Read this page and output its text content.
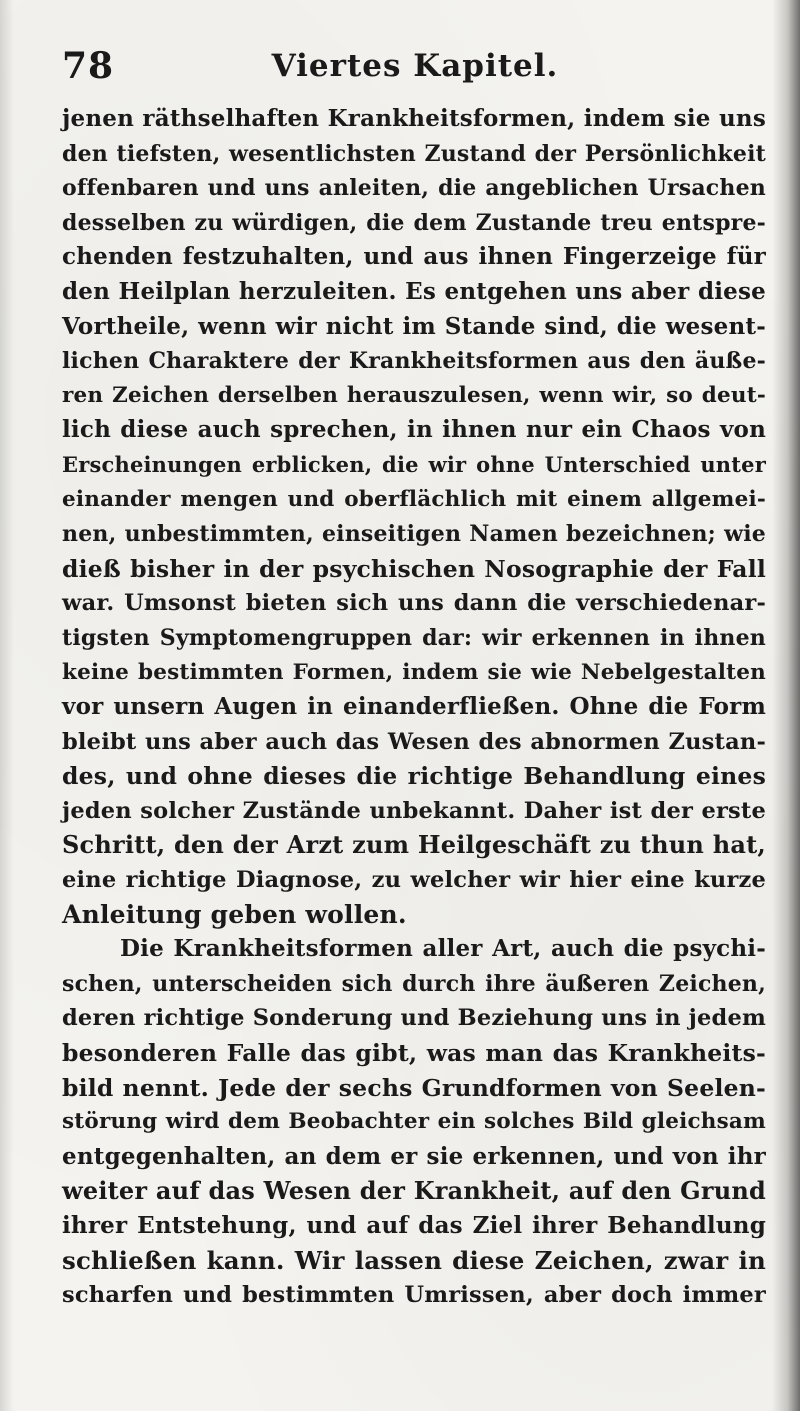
Viertes Kapitel.
78
jenen räthselhaften Krankheitsformen, indem sie uns
den tiefsten, wesentlichsten Zustand der Persönlichkeit
offenbaren und uns anleiten, die angeblichen Ursachen
desselben zu würdigen, die dem Zustande treu entspre-
chenden festzuhalten, und aus ihnen Fingerzeige für
den Heilplan herzuleiten. Es entgehen uns aber diese
Vortheile, wenn wir nicht im Stande sind, die wesent-
lichen Charaktere der Krankheitsformen aus den äuße-
ren Zeichen derselben herauszulesen, wenn wir, so deut-
lich diese auch sprechen, in ihnen nur ein Chaos von
Erscheinungen erblicken, die wir ohne Unterschied unter
einander mengen und oberflächlich mit einem allgemei-
nen, unbestimmten, einseitigen Namen bezeichnen; wie
dieß bisher in der psychischen Nosographie der Fall
war. Umsonst bieten sich uns dann die verschiedenar-
tigsten Symptomengruppen dar: wir erkennen in ihnen
keine bestimmten Formen, indem sie wie Nebelgestalten
vor unsern Augen in einanderfließen. Ohne die Form
bleibt uns aber auch das Wesen des abnormen Zustan-
des, und ohne dieses die richtige Behandlung eines
jeden solcher Zustände unbekannt. Daher ist der erste
Schritt, den der Arzt zum Heilgeschäft zu thun hat,
eine richtige Diagnose, zu welcher wir hier eine kurze
Anleitung geben wollen.
Die Krankheitsformen aller Art, auch die psychi-
schen, unterscheiden sich durch ihre äußeren Zeichen,
deren richtige Sonderung und Beziehung uns in jedem
besonderen Falle das gibt, was man das Krankheits-
bild nennt. Jede der sechs Grundformen von Seelen-
störung wird dem Beobachter ein solches Bild gleichsam
entgegenhalten, an dem er sie erkennen, und von ihr
weiter auf das Wesen der Krankheit, auf den Grund
ihrer Entstehung, und auf das Ziel ihrer Behandlung
schließen kann. Wir lassen diese Zeichen, zwar in
scharfen und bestimmten Umrissen, aber doch immer
